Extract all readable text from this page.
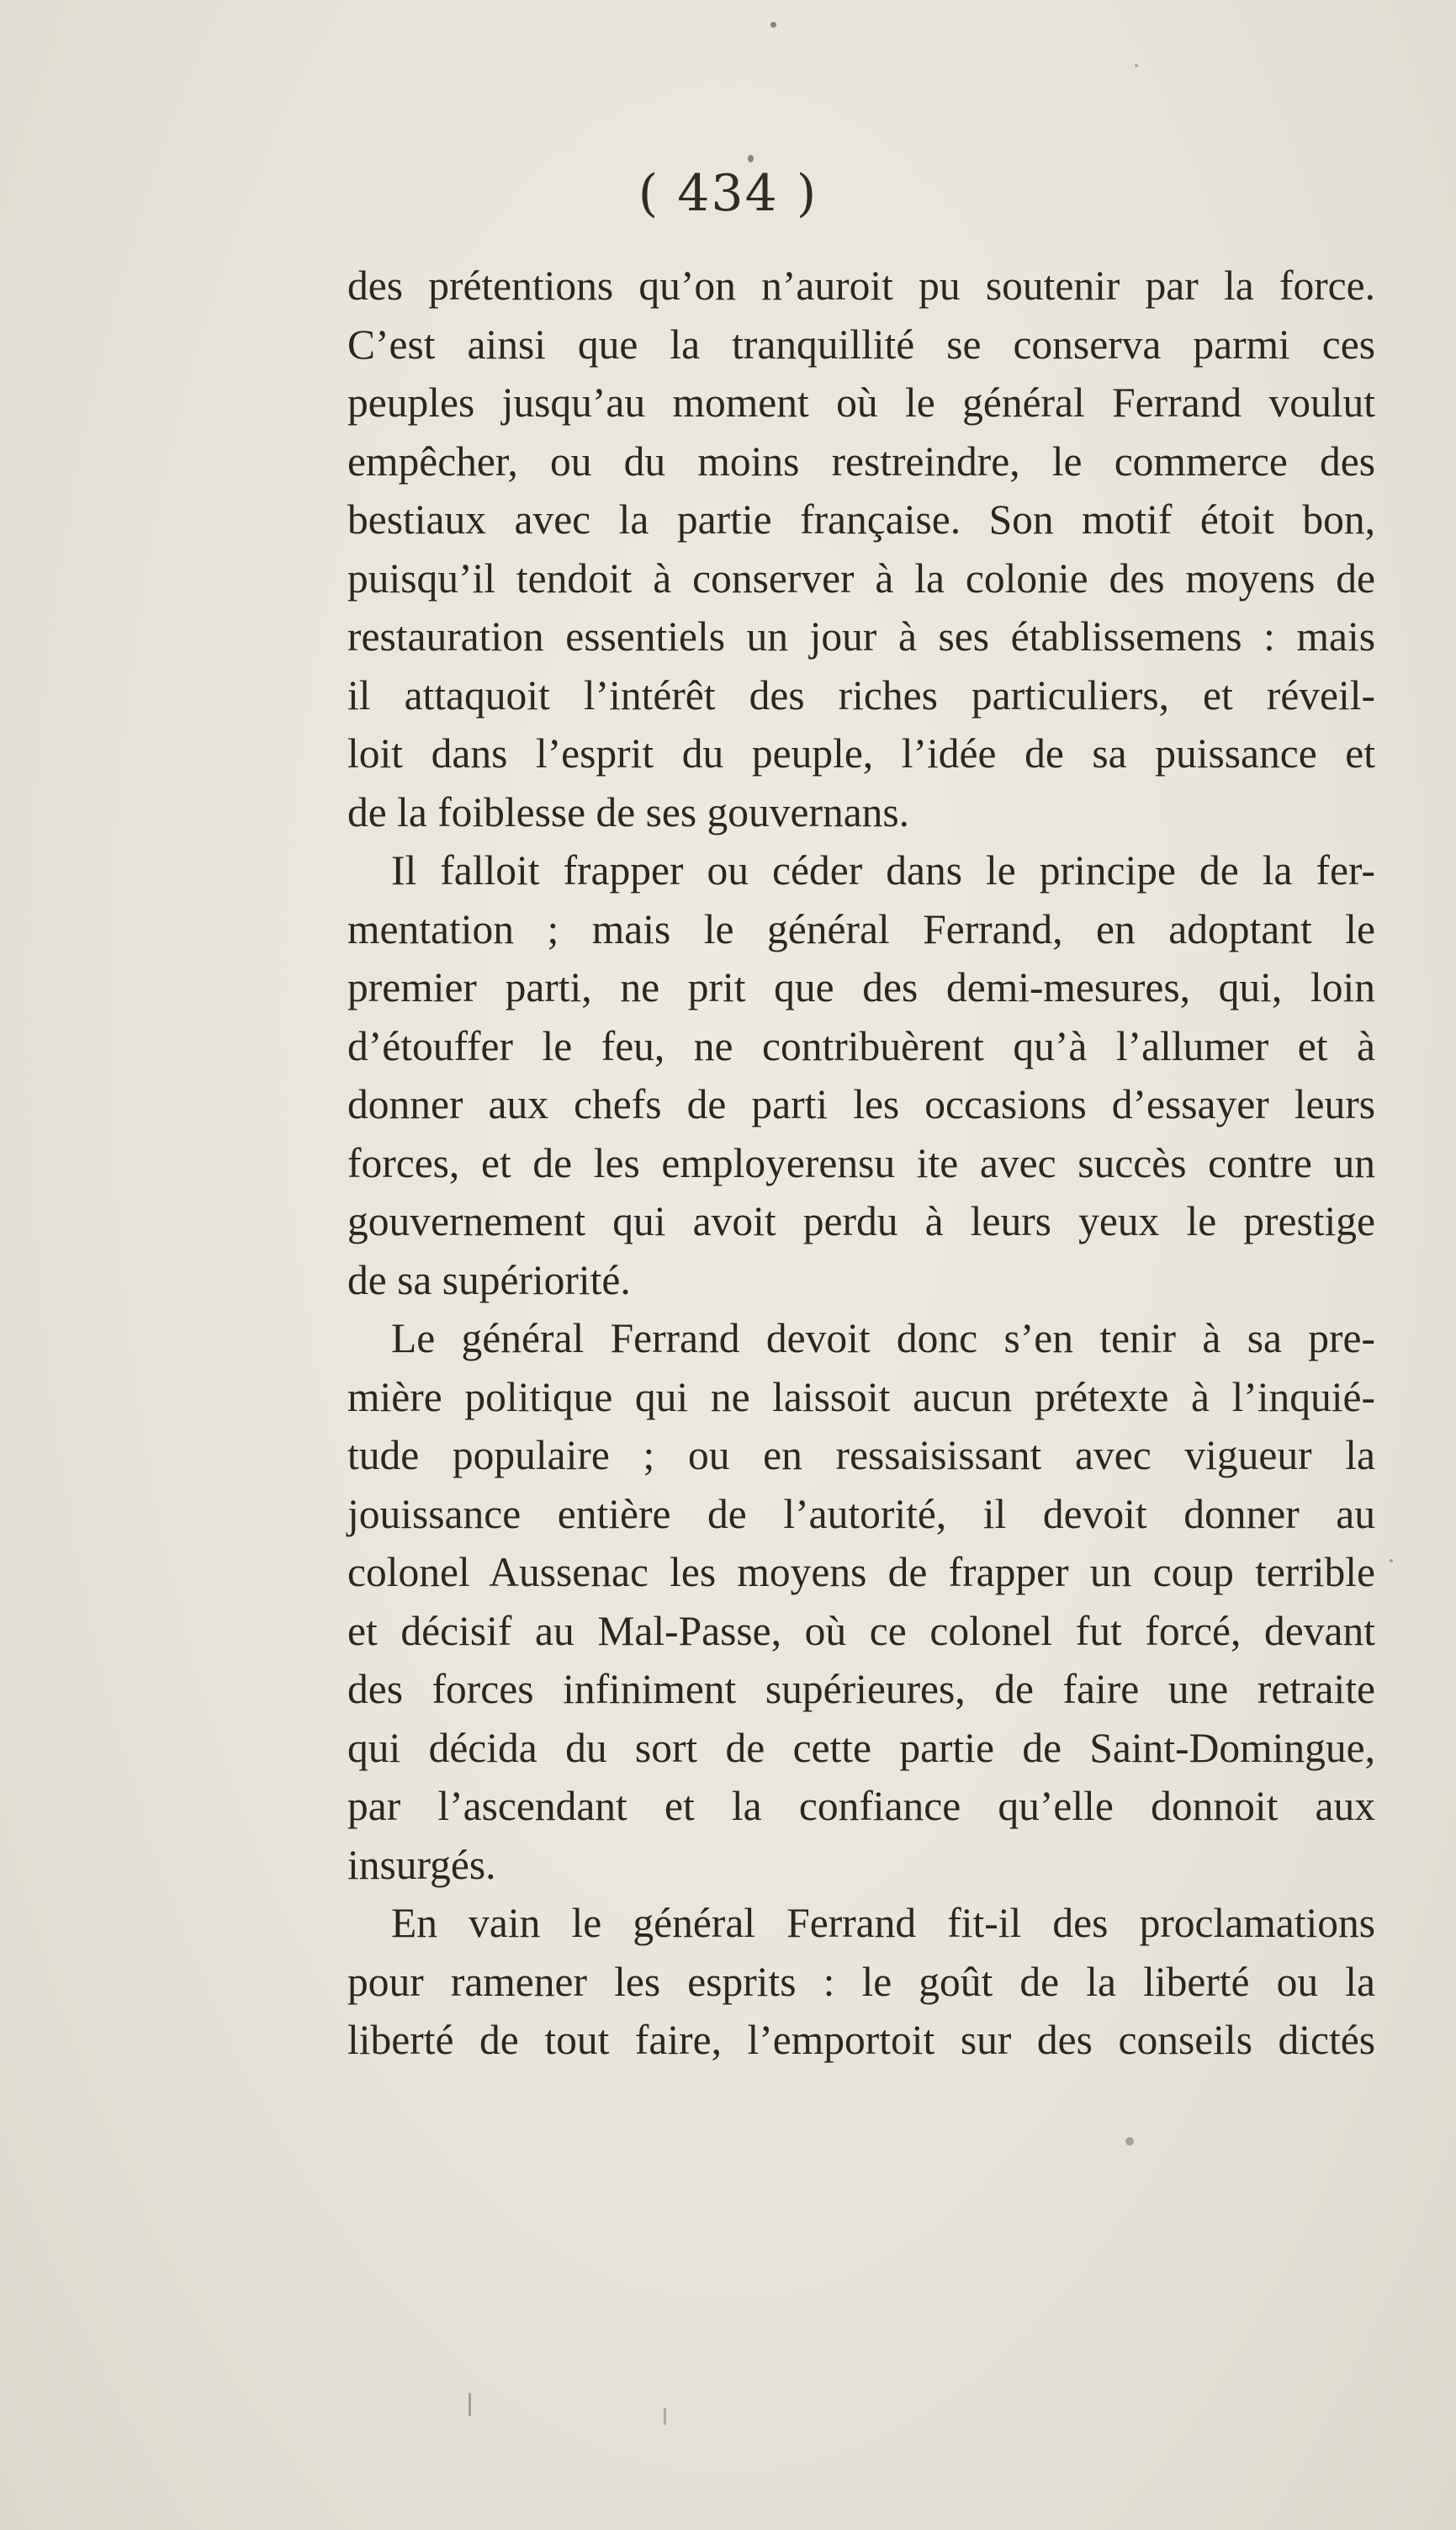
( 434 )

des prétentions qu’on n’auroit pu soutenir par la force.
C’est ainsi que la tranquillité se conserva parmi ces
peuples jusqu’au moment où le général Ferrand voulut
empêcher, ou du moins restreindre, le commerce des
bestiaux avec la partie française. Son motif étoit bon,
puisqu’il tendoit à conserver à la colonie des moyens de
restauration essentiels un jour à ses établissemens : mais
il attaquoit l’intérêt des riches particuliers, et réveil-
loit dans l’esprit du peuple, l’idée de sa puissance et
de la foiblesse de ses gouvernans.

Il falloit frapper ou céder dans le principe de la fer-
mentation ; mais le général Ferrand, en adoptant le
premier parti, ne prit que des demi-mesures, qui, loin
d’étouffer le feu, ne contribuèrent qu’à l’allumer et à
donner aux chefs de parti les occasions d’essayer leurs
forces, et de les employerensu ite avec succès contre un
gouvernement qui avoit perdu à leurs yeux le prestige
de sa supériorité.

Le général Ferrand devoit donc s’en tenir à sa pre-
mière politique qui ne laissoit aucun prétexte à l’inquié-
tude populaire ; ou en ressaisissant avec vigueur la
jouissance entière de l’autorité, il devoit donner au
colonel Aussenac les moyens de frapper un coup terrible
et décisif au Mal-Passe, où ce colonel fut forcé, devant
des forces infiniment supérieures, de faire une retraite
qui décida du sort de cette partie de Saint-Domingue,
par l’ascendant et la confiance qu’elle donnoit aux
insurgés.

En vain le général Ferrand fit-il des proclamations
pour ramener les esprits : le goût de la liberté ou la
liberté de tout faire, l’emportoit sur des conseils dictés
